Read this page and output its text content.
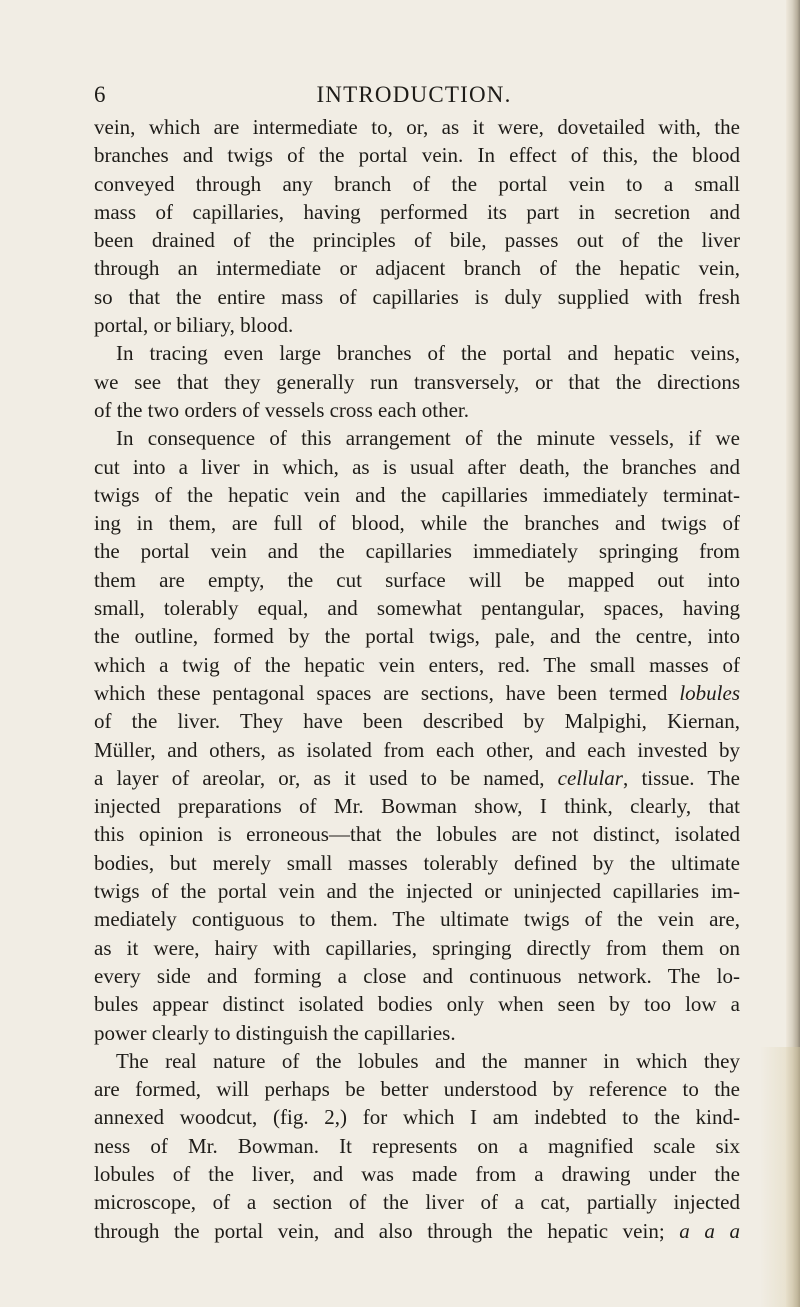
6	INTRODUCTION.
vein, which are intermediate to, or, as it were, dovetailed with, the
branches and twigs of the portal vein. In effect of this, the blood
conveyed through any branch of the portal vein to a small
mass of capillaries, having performed its part in secretion and
been drained of the principles of bile, passes out of the liver
through an intermediate or adjacent branch of the hepatic vein,
so that the entire mass of capillaries is duly supplied with fresh
portal, or biliary, blood.
In tracing even large branches of the portal and hepatic veins,
we see that they generally run transversely, or that the directions
of the two orders of vessels cross each other.
In consequence of this arrangement of the minute vessels, if we
cut into a liver in which, as is usual after death, the branches and
twigs of the hepatic vein and the capillaries immediately terminat-
ing in them, are full of blood, while the branches and twigs of
the portal vein and the capillaries immediately springing from
them are empty, the cut surface will be mapped out into
small, tolerably equal, and somewhat pentangular, spaces, having
the outline, formed by the portal twigs, pale, and the centre, into
which a twig of the hepatic vein enters, red. The small masses of
which these pentagonal spaces are sections, have been termed lobules
of the liver. They have been described by Malpighi, Kiernan,
Müller, and others, as isolated from each other, and each invested by
a layer of areolar, or, as it used to be named, cellular, tissue. The
injected preparations of Mr. Bowman show, I think, clearly, that
this opinion is erroneous—that the lobules are not distinct, isolated
bodies, but merely small masses tolerably defined by the ultimate
twigs of the portal vein and the injected or uninjected capillaries im-
mediately contiguous to them. The ultimate twigs of the vein are,
as it were, hairy with capillaries, springing directly from them on
every side and forming a close and continuous network. The lo-
bules appear distinct isolated bodies only when seen by too low a
power clearly to distinguish the capillaries.
The real nature of the lobules and the manner in which they
are formed, will perhaps be better understood by reference to the
annexed woodcut, (fig. 2,) for which I am indebted to the kind-
ness of Mr. Bowman. It represents on a magnified scale six
lobules of the liver, and was made from a drawing under the
microscope, of a section of the liver of a cat, partially injected
through the portal vein, and also through the hepatic vein; a a a
